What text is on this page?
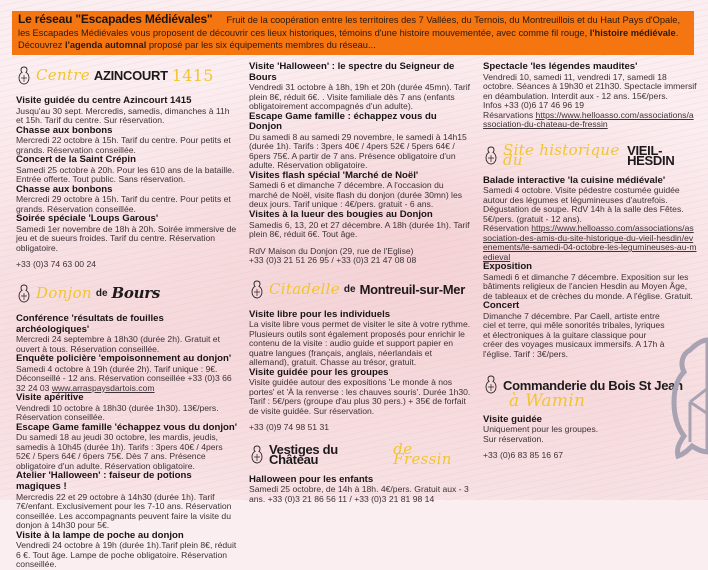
Le réseau "Escapades Médiévales" Fruit de la coopération entre les territoires des 7 Vallées, du Ternois, du Montreuillois et du Haut Pays d'Opale, les Escapades Médiévales vous proposent de découvrir ces lieux historiques, témoins d'une histoire mouvementée, avec comme fil rouge, l'histoire médiévale. Découvrez l'agenda automnal proposé par les six équipements membres du réseau...
Centre AZINCOURT 1415
Visite guidée du centre Azincourt 1415
Jusqu'au 30 sept. Mercredis, samedis, dimanches à 11h et 15h. Tarif du centre. Sur réservation.
Chasse aux bonbons
Mercredi 22 octobre à 15h. Tarif du centre. Pour petits et grands. Réservation conseillée.
Concert de la Saint Crépin
Samedi 25 octobre à 20h. Pour les 610 ans de la bataille. Entrée offerte. Tout public. Sans réservation.
Chasse aux bonbons
Mercredi 29 octobre à 15h. Tarif du centre. Pour petits et grands. Réservation conseillée.
Soirée spéciale 'Loups Garous'
Samedi 1er novembre de 18h à 20h. Soirée immersive de jeu et de sueurs froides. Tarif du centre. Réservation obligatoire.
+33 (0)3 74 63 00 24
Donjon de Bours
Conférence 'résultats de fouilles archéologiques'
Mercredi 24 septembre à 18h30 (durée 2h). Gratuit et ouvert à tous. Réservation conseillée.
Enquête policière 'empoisonnement au donjon'
Samedi 4 octobre à 19h (durée 2h). Tarif unique : 9€. Déconseillé - 12 ans. Réservation conseillée +33 (0)3 66 32 24 03 www.arraspaysdartois.com
Visite apéritive
Vendredi 10 octobre à 18h30 (durée 1h30). 13€/pers. Réservation conseillée.
Escape Game famille 'échappez vous du donjon'
Du samedi 18 au jeudi 30 octobre, les mardis, jeudis, samedis à 10h45 (durée 1h). Tarifs : 3pers 40€ / 4pers 52€ / 5pers 64€ / 6pers 75€. Dès 7 ans. Présence obligatoire d'un adulte. Réservation obligatoire.
Atelier 'Halloween' : faiseur de potions magiques !
Mercredis 22 et 29 octobre à 14h30 (durée 1h). Tarif 7€/enfant. Exclusivement pour les 7-10 ans. Réservation conseillée. Les accompagnants peuvent faire la visite du donjon à 14h30 pour 5€.
Visite à la lampe de poche au donjon
Vendredi 24 octobre à 19h (durée 1h).Tarif plein 8€, réduit 6 €. Tout âge. Lampe de poche obligatoire. Réservation conseillée.
Visite 'Halloween' : le spectre du Seigneur de Bours
Vendredi 31 octobre à 18h, 19h et 20h (durée 45mn). Tarif plein 8€, réduit 6€. . Visite familiale dès 7 ans (enfants obligatoirement accompagnés d'un adulte).
Escape Game famille : échappez vous du Donjon
Du samedi 8 au samedi 29 novembre, le samedi à 14h15 (durée 1h). Tarifs : 3pers 40€ / 4pers 52€ / 5pers 64€ / 6pers 75€. A partir de 7 ans. Présence obligatoire d'un adulte. Réservation obligatoire.
Visites flash spécial 'Marché de Noël'
Samedi 6 et dimanche 7 décembre. A l'occasion du marché de Noël, visite flash du donjon (durée 30mn) les deux jours. Tarif unique : 4€/pers. gratuit - 6 ans.
Visites à la lueur des bougies au Donjon
Samedis 6, 13, 20 et 27 décembre. A 18h (durée 1h). Tarif plein 8€, réduit 6€. Tout âge.
RdV Maison du Donjon (29, rue de l'Eglise)
+33 (0)3 21 51 26 95 / +33 (0)3 21 47 08 08
Citadelle de Montreuil-sur-Mer
Visite libre pour les individuels
La visite libre vous permet de visiter le site à votre rythme. Plusieurs outils sont également proposés pour enrichir le contenu de la visite : audio guide et support papier en quatre langues (français, anglais, néerlandais et allemand), gratuit. Chasse au trésor, gratuit.
Visite guidée pour les groupes
Visite guidée autour des expositions 'Le monde à nos portes' et 'À la renverse : les chauves souris'. Durée 1h30. Tarif : 5€/pers (groupe d'au plus 30 pers.) + 35€ de forfait de visite guidée. Sur réservation.
+33 (0)9 74 98 51 31
Vestiges du Château
de Fressin
Halloween pour les enfants
Samedi 25 octobre, de 14h à 18h. 4€/pers. Gratuit aux - 3 ans. +33 (0)3 21 86 56 11 / +33 (0)3 21 81 98 14
Spectacle 'les légendes maudites'
Vendredi 10, samedi 11, vendredi 17, samedi 18 octobre. Séances à 19h30 et 21h30. Spectacle immersif en déambulation. Interdit aux - 12 ans. 15€/pers.
Infos +33 (0)6 17 46 96 19
Résarvations https://www.helloasso.com/associations/association-du-chateau-de-fressin
Site historique du	VIEIL-HESDIN
Balade interactive 'la cuisine médiévale'
Samedi 4 octobre. Visite pédestre costumée guidée autour des légumes et légumineuses d'autrefois. Dégustation de soupe. RdV 14h à la salle des Fêtes. 5€/pers. (gratuit - 12 ans).
Réservation https://www.helloasso.com/associations/association-des-amis-du-site-historique-du-vieil-hesdin/evenements/le-samedi-04-octobre-les-legumineuses-au-medieval
Exposition
Samedi 6 et dimanche 7 décembre. Exposition sur les bâtiments religieux de l'ancien Hesdin au Moyen Âge, de tableaux et de crèches du monde. A l'église. Gratuit.
Concert
Dimanche 7 décembre. Par Caell, artiste entre ciel et terre, qui mêle sonorités tribales, lyriques et électroniques à la guitare classique pour créer des voyages musicaux immersifs. A 17h à l'église. Tarif : 3€/pers.
Commanderie du Bois St Jean
à Wamin
Visite guidée
Uniquement pour les groupes. Sur réservation.
+33 (0)6 83 85 16 67
